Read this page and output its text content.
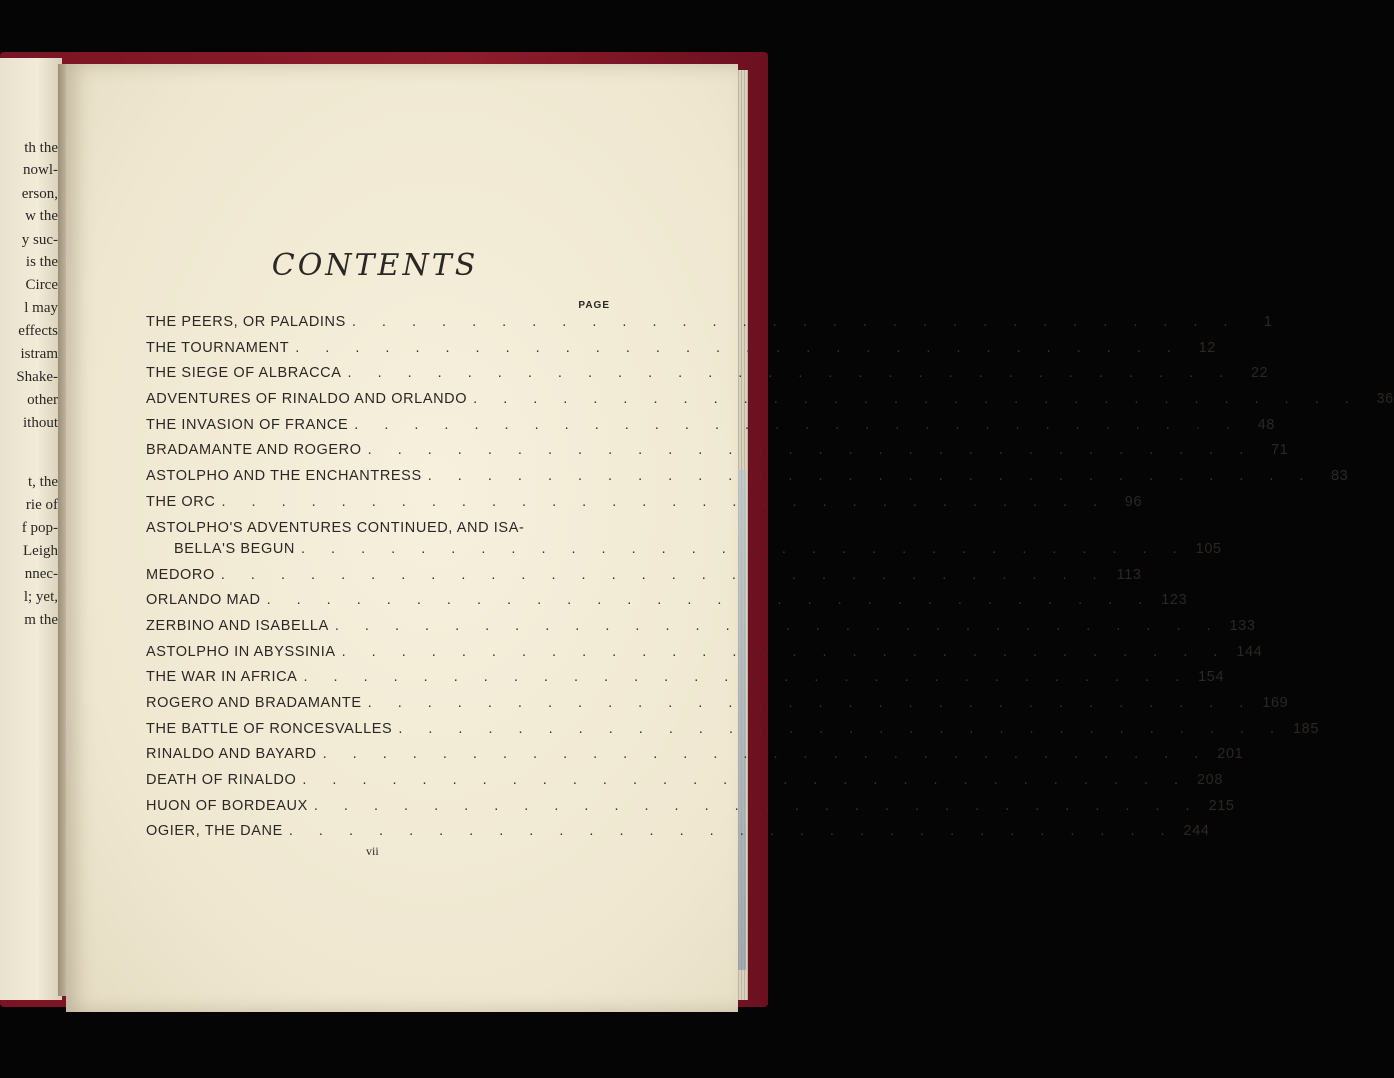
th the
nowl-
erson,
w the
y suc-
is the
Circe
l may
effects
istram
Shake-
other
ithout
t, the
rie of
f pop-
Leigh
nnec-
l; yet,
m the
CONTENTS
PAGE
THE PEERS, OR PALADINS . . . . . . . . . . . . . . . . . . . . . . . . . . . . . .	1
THE TOURNAMENT . . . . . . . . . . . . . . . . . . . . . . . . . . . . . .	12
THE SIEGE OF ALBRACCA . . . . . . . . . . . . . . . . . . . . . . . . . . . . . .	22
ADVENTURES OF RINALDO AND ORLANDO . . . . . . . . . . . . . . . . . . . . . . . . . . . . . .	36
THE INVASION OF FRANCE . . . . . . . . . . . . . . . . . . . . . . . . . . . . . .	48
BRADAMANTE AND ROGERO . . . . . . . . . . . . . . . . . . . . . . . . . . . . . .	71
ASTOLPHO AND THE ENCHANTRESS . . . . . . . . . . . . . . . . . . . . . . . . . . . . . .	83
THE ORC . . . . . . . . . . . . . . . . . . . . . . . . . . . . . .	96
ASTOLPHO'S ADVENTURES CONTINUED, AND ISA-
BELLA'S BEGUN . . . . . . . . . . . . . . . . . . . . . . . . . . . . . . 105
MEDORO . . . . . . . . . . . . . . . . . . . . . . . . . . . . . . 113
ORLANDO MAD . . . . . . . . . . . . . . . . . . . . . . . . . . . . . . 123
ZERBINO AND ISABELLA . . . . . . . . . . . . . . . . . . . . . . . . . . . . . . 133
ASTOLPHO IN ABYSSINIA . . . . . . . . . . . . . . . . . . . . . . . . . . . . . . 144
THE WAR IN AFRICA . . . . . . . . . . . . . . . . . . . . . . . . . . . . . . 154
ROGERO AND BRADAMANTE . . . . . . . . . . . . . . . . . . . . . . . . . . . . . . 169
THE BATTLE OF RONCESVALLES . . . . . . . . . . . . . . . . . . . . . . . . . . . . . . 185
RINALDO AND BAYARD . . . . . . . . . . . . . . . . . . . . . . . . . . . . . . 201
DEATH OF RINALDO . . . . . . . . . . . . . . . . . . . . . . . . . . . . . . 208
HUON OF BORDEAUX . . . . . . . . . . . . . . . . . . . . . . . . . . . . . . 215
OGIER, THE DANE . . . . . . . . . . . . . . . . . . . . . . . . . . . . . . 244
vii
